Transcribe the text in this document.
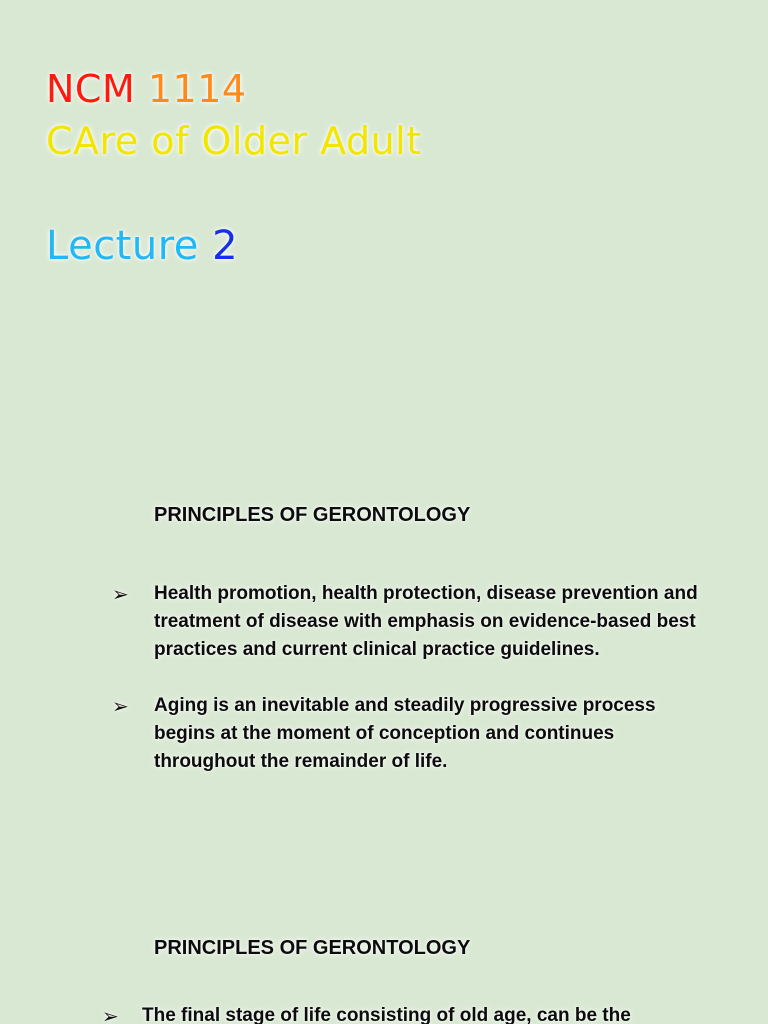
NCM 1114
CAre of Older Adult
Lecture 2
PRINCIPLES OF GERONTOLOGY
➢	Health promotion, health protection, disease prevention and treatment of disease with emphasis on evidence-based best practices and current clinical practice guidelines.
➢	Aging is an inevitable and steadily progressive process begins at the moment of conception and continues throughout the remainder of life.
PRINCIPLES OF GERONTOLOGY
➢	The final stage of life consisting of old age, can be the
